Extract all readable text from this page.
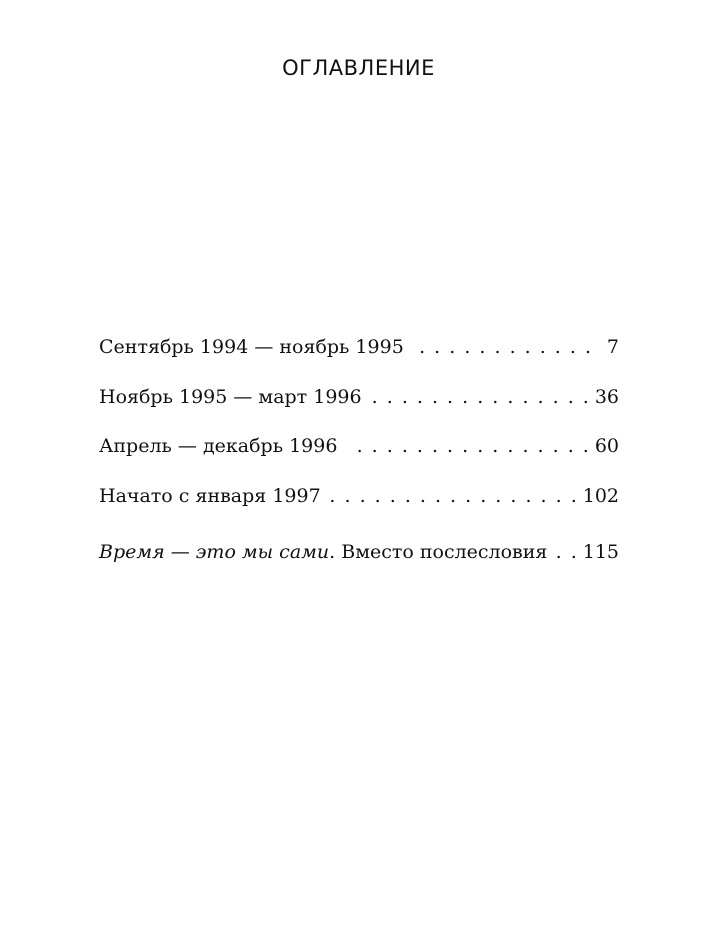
ОГЛАВЛЕНИЕ
Сентябрь 1994 — ноябрь 1995 . . .	7
Ноябрь 1995 — март 1996 . . .	36
Апрель — декабрь 1996 . . .	60
Начато с января 1997 . . .	102
Время — это мы сами. Вместо послесловия . . .	115
